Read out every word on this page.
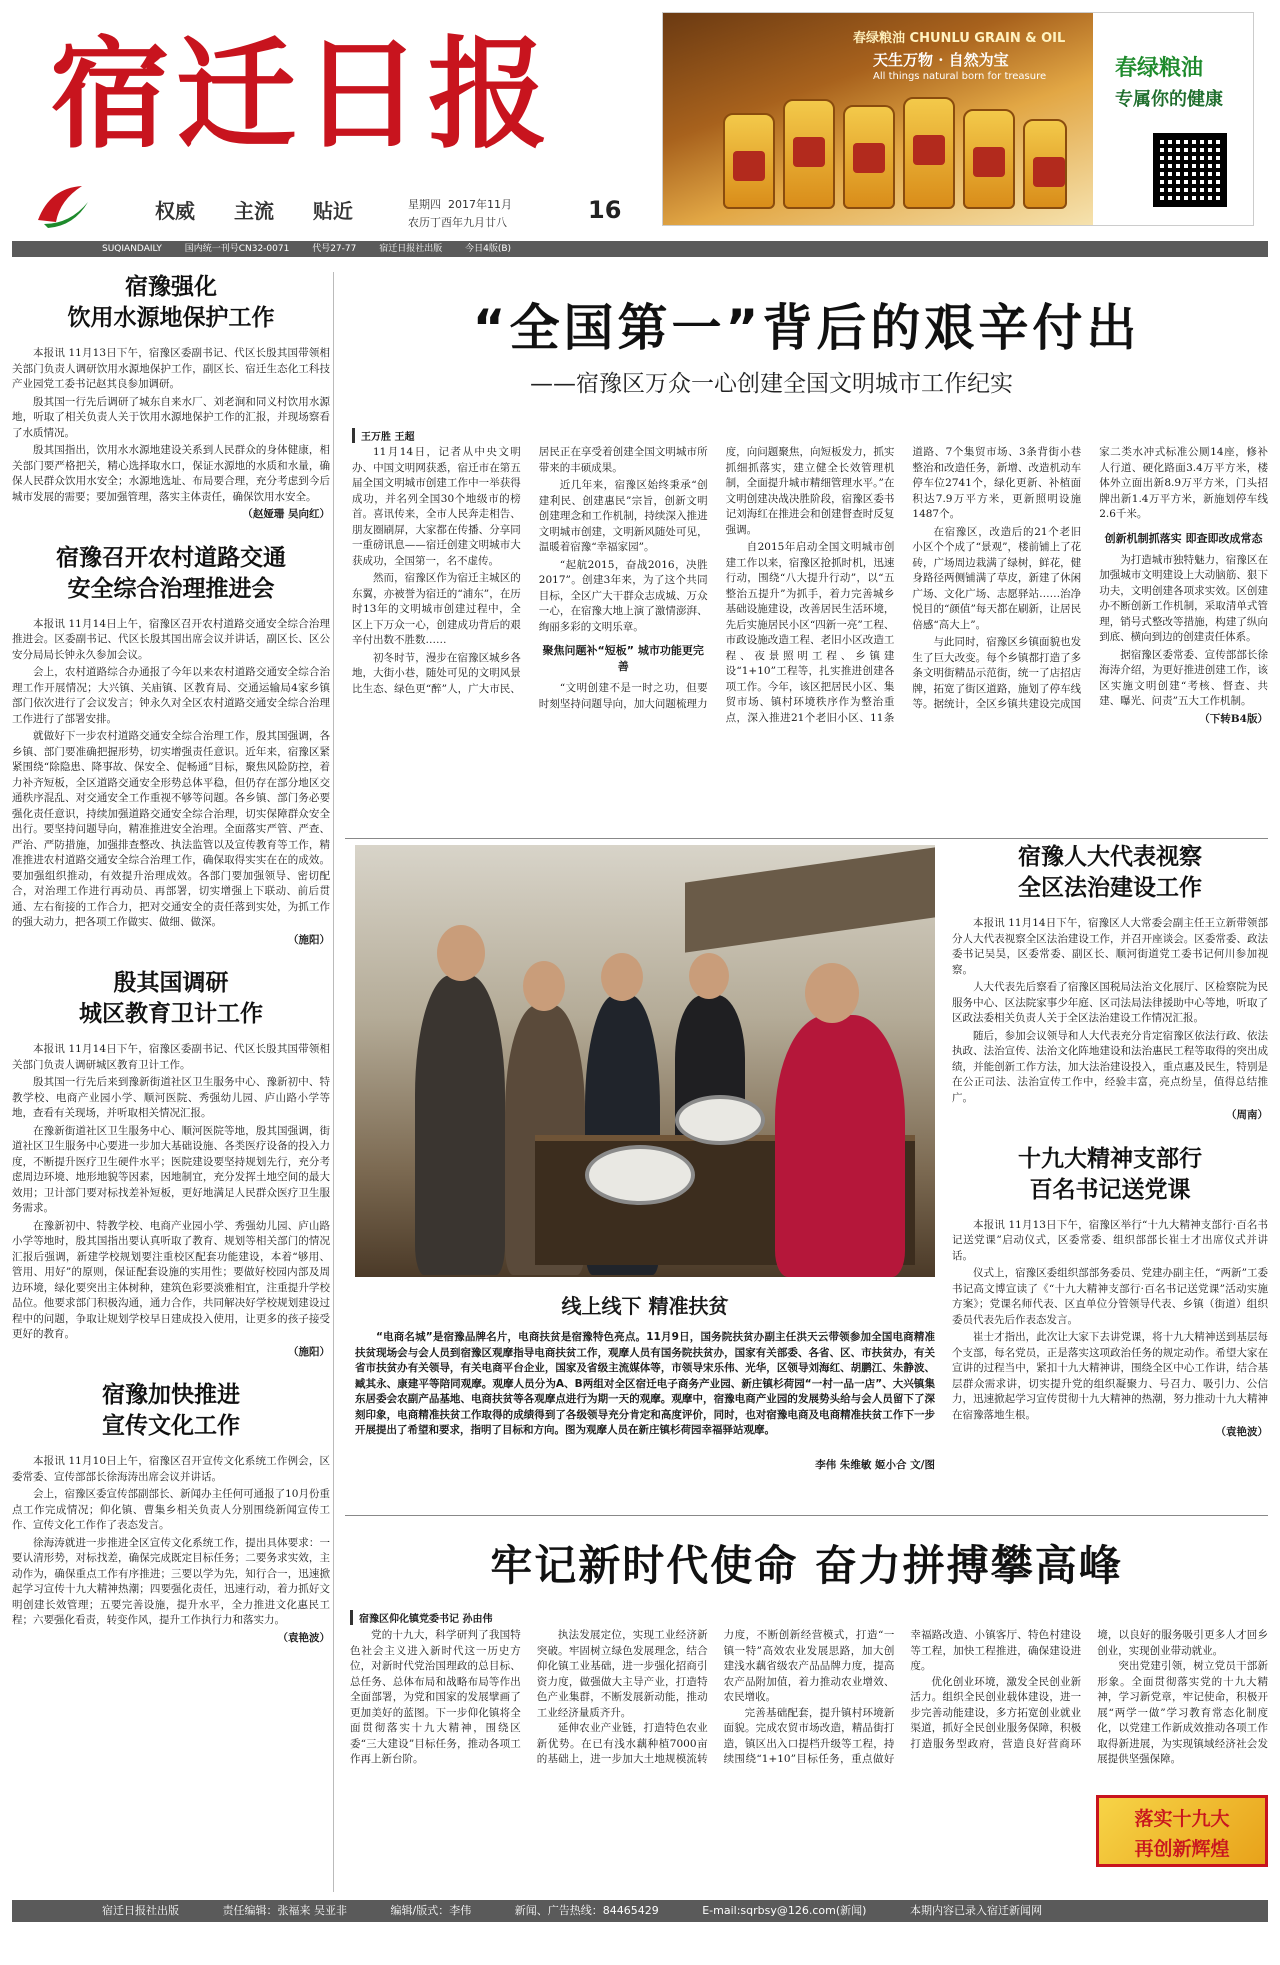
宿迁日报
权威 主流 贴近	星期四 2017年11月
农历丁酉年九月廿八	16
春绿粮油 CHUNLU GRAIN & OIL
天生万物 · 自然为宝
All things natural born for treasure	春绿粮油
专属你的健康
SUQIANDAILY	国内统一刊号CN32-0071	代号27-77	宿迁日报社出版	今日4版(B)
宿豫强化
饮用水源地保护工作

本报讯 11月13日下午，宿豫区委副书记、代区长殷其国带领相关部门负责人调研饮用水源地保护工作，副区长、宿迁生态化工科技产业园党工委书记赵其良参加调研。

殷其国一行先后调研了城东自来水厂、刘老涧和同义村饮用水源地，听取了相关负责人关于饮用水源地保护工作的汇报，并现场察看了水质情况。

殷其国指出，饮用水水源地建设关系到人民群众的身体健康，相关部门要严格把关，精心选择取水口，保证水源地的水质和水量，确保人民群众饮用水安全；水源地选址、布局要合理，充分考虑到今后城市发展的需要；要加强管理，落实主体责任，确保饮用水安全。

（赵娅珊 吴向红）

宿豫召开农村道路交通
安全综合治理推进会

本报讯 11月14日上午，宿豫区召开农村道路交通安全综合治理推进会。区委副书记、代区长殷其国出席会议并讲话，副区长、区公安分局局长钟永久参加会议。

会上，农村道路综合办通报了今年以来农村道路交通安全综合治理工作开展情况；大兴镇、关庙镇、区教育局、交通运输局4家乡镇部门依次进行了会议发言；钟永久对全区农村道路交通安全综合治理工作进行了部署安排。

就做好下一步农村道路交通安全综合治理工作，殷其国强调，各乡镇、部门要准确把握形势，切实增强责任意识。近年来，宿豫区紧紧围绕“除隐患、降事故、保安全、促畅通”目标，聚焦风险防控，着力补齐短板，全区道路交通安全形势总体平稳，但仍存在部分地区交通秩序混乱、对交通安全工作重视不够等问题。各乡镇、部门务必要强化责任意识，持续加强道路交通安全综合治理，切实保障群众安全出行。要坚持问题导向，精准推进安全治理。全面落实严管、严查、严治、严防措施，加强排查整改、执法监管以及宣传教育等工作，精准推进农村道路交通安全综合治理工作，确保取得实实在在的成效。要加强组织推动，有效提升治理成效。各部门要加强领导、密切配合，对治理工作进行再动员、再部署，切实增强上下联动、前后贯通、左右衔接的工作合力，把对交通安全的责任落到实处，为抓工作的强大动力，把各项工作做实、做细、做深。

（施阳）

殷其国调研
城区教育卫计工作

本报讯 11月14日下午，宿豫区委副书记、代区长殷其国带领相关部门负责人调研城区教育卫计工作。

殷其国一行先后来到豫新街道社区卫生服务中心、豫新初中、特教学校、电商产业园小学、顺河医院、秀强幼儿园、庐山路小学等地，查看有关现场，并听取相关情况汇报。

在豫新街道社区卫生服务中心、顺河医院等地，殷其国强调，街道社区卫生服务中心要进一步加大基础设施、各类医疗设备的投入力度，不断提升医疗卫生硬件水平；医院建设要坚持规划先行，充分考虑周边环境、地形地貌等因素，因地制宜，充分发挥土地空间的最大效用；卫计部门要对标找差补短板，更好地满足人民群众医疗卫生服务需求。

在豫新初中、特教学校、电商产业园小学、秀强幼儿园、庐山路小学等地时，殷其国指出要认真听取了教育、规划等相关部门的情况汇报后强调，新建学校规划要注重校区配套功能建设，本着“够用、管用、用好”的原则，保证配套设施的实用性；要做好校园内部及周边环境，绿化要突出主体树种，建筑色彩要淡雅相宜，注重提升学校品位。他要求部门积极沟通，通力合作，共同解决好学校规划建设过程中的问题，争取让规划学校早日建成投入使用，让更多的孩子接受更好的教育。

（施阳）

宿豫加快推进
宣传文化工作

本报讯 11月10日上午，宿豫区召开宣传文化系统工作例会，区委常委、宣传部部长徐海涛出席会议并讲话。

会上，宿豫区委宣传部副部长、新闻办主任何可通报了10月份重点工作完成情况；仰化镇、曹集乡相关负责人分别围绕新闻宣传工作、宣传文化工作作了表态发言。

徐海涛就进一步推进全区宣传文化系统工作，提出具体要求：一要认清形势，对标找差，确保完成既定目标任务；二要务求实效，主动作为，确保重点工作有序推进；三要以学为先，知行合一，迅速掀起学习宣传十九大精神热潮；四要强化责任，迅速行动，着力抓好文明创建长效管理；五要完善设施，提升水平，全力推进文化惠民工程；六要强化看责，转变作风，提升工作执行力和落实力。

（袁艳波）

“全国第一”背后的艰辛付出
——宿豫区万众一心创建全国文明城市工作纪实
王万胜 王超

11月14日，记者从中央文明办、中国文明网获悉，宿迁市在第五届全国文明城市创建工作中一举获得成功，并名列全国30个地级市的榜首。喜讯传来，全市人民奔走相告、朋友圈刷屏，大家都在传播、分享同一重磅讯息——宿迁创建文明城市大获成功，全国第一，名不虚传。

然而，宿豫区作为宿迁主城区的东翼，亦被誉为宿迁的“浦东”，在历时13年的文明城市创建过程中，全区上下万众一心，创建成功背后的艰辛付出数不胜数……

初冬时节，漫步在宿豫区城乡各地，大街小巷，随处可见的文明风景比生态、绿色更“醉”人，广大市民、居民正在享受着创建全国文明城市所带来的丰硕成果。

近几年来，宿豫区始终秉承“创建利民、创建惠民”宗旨，创新文明创建理念和工作机制，持续深入推进文明城市创建，文明新风随处可见，温暖着宿豫“幸福家园”。

“起航2015，奋战2016，决胜2017”。创建3年来，为了这个共同目标，全区广大干群众志成城、万众一心，在宿豫大地上演了激情澎湃、绚丽多彩的文明乐章。

聚焦问题补“短板” 城市功能更完善

“文明创建不是一时之功，但要时刻坚持问题导向，加大问题梳理力度，向问题聚焦，向短板发力，抓实抓细抓落实，建立健全长效管理机制，全面提升城市精细管理水平。”在文明创建决战决胜阶段，宿豫区委书记刘海红在推进会和创建督查时反复强调。

自2015年启动全国文明城市创建工作以来，宿豫区抢抓时机，迅速行动，围绕“八大提升行动”，以“五整治五提升”为抓手，着力完善城乡基础设施建设，改善居民生活环境，先后实施居民小区“四新一亮”工程、市政设施改造工程、老旧小区改造工程、夜景照明工程、乡镇建设“1+10”工程等，扎实推进创建各项工作。今年，该区把居民小区、集贸市场、镇村环境秩序作为整治重点，深入推进21个老旧小区、11条道路、7个集贸市场、3条背街小巷整治和改造任务，新增、改造机动车停车位2741个，绿化更新、补植面积达7.9万平方米，更新照明设施1487个。

在宿豫区，改造后的21个老旧小区个个成了“景观”，楼前铺上了花砖，广场周边栽满了绿树，鲜花，健身路径两侧铺满了草皮，新建了休闲广场、文化广场、志愿驿站……治净悦目的“颜值”每天都在刷新，让居民倍感“高大上”。

与此同时，宿豫区乡镇面貌也发生了巨大改变。每个乡镇都打造了多条文明街精品示范街，统一了店招店牌，拓宽了街区道路，施划了停车线等。据统计，全区乡镇共建设完成国家二类水冲式标准公厕14座，修补人行道、硬化路面3.4万平方米，楼体外立面出新8.9万平方米，门头招牌出新1.4万平方米，新施划停车线2.6千米。

创新机制抓落实 即查即改成常态

为打造城市独特魅力，宿豫区在加强城市文明建设上大动脑筋、狠下功夫，文明创建各项求实效。区创建办不断创新工作机制，采取清单式管理，销号式整改等措施，构建了纵向到底、横向到边的创建责任体系。

据宿豫区委常委、宣传部部长徐海涛介绍，为更好推进创建工作，该区实施文明创建“考核、督查、共建、曝光、问责”五大工作机制。

（下转B4版）

线上线下 精准扶贫
“电商名城”是宿豫品牌名片，电商扶贫是宿豫特色亮点。11月9日，国务院扶贫办副主任洪天云带领参加全国电商精准扶贫现场会与会人员到宿豫区观摩指导电商扶贫工作，观摩人员有国务院扶贫办，国家有关部委、各省、区、市扶贫办，有关省市扶贫办有关领导，有关电商平台企业，国家及省级主流媒体等，市领导宋乐伟、光华，区领导刘海红、胡鹏江、朱静波、臧其永、康建平等陪同观摩。观摩人员分为A、B两组对全区宿迁电子商务产业园、新庄镇杉荷园“一村一品一店”、大兴镇集东居委会农副产品基地、电商扶贫等各观摩点进行为期一天的观摩。观摩中，宿豫电商产业园的发展势头给与会人员留下了深刻印象，电商精准扶贫工作取得的成绩得到了各级领导充分肯定和高度评价，同时，也对宿豫电商及电商精准扶贫工作下一步开展提出了希望和要求，指明了目标和方向。图为观摩人员在新庄镇杉荷园幸福驿站观摩。
李伟 朱维敏 姬小合 文/图
宿豫人大代表视察
全区法治建设工作

本报讯 11月14日下午，宿豫区人大常委会副主任王立新带领部分人大代表视察全区法治建设工作，并召开座谈会。区委常委、政法委书记吴昊，区委常委、副区长、顺河街道党工委书记何川参加视察。

人大代表先后察看了宿豫区国税局法治文化展厅、区检察院为民服务中心、区法院家事少年庭、区司法局法律援助中心等地，听取了区政法委相关负责人关于全区法治建设工作情况汇报。

随后，参加会议领导和人大代表充分肯定宿豫区依法行政、依法执政、法治宣传、法治文化阵地建设和法治惠民工程等取得的突出成绩，并能创新工作方法，加大法治建设投入，重点惠及民生，特别是在公正司法、法治宣传工作中，经验丰富，亮点纷呈，值得总结推广。

（周南）

十九大精神支部行
百名书记送党课

本报讯 11月13日下午，宿豫区举行“十九大精神支部行·百名书记送党课”启动仪式，区委常委、组织部部长崔士才出席仪式并讲话。

仪式上，宿豫区委组织部部务委员、党建办副主任，“两新”工委书记高文博宣读了《“十九大精神支部行·百名书记送党课”活动实施方案》；党课名师代表、区直单位分管领导代表、乡镇（街道）组织委员代表先后作表态发言。

崔士才指出，此次让大家下去讲党课，将十九大精神送到基层每个支部，每名党员，正是落实这项政治任务的规定动作。希望大家在宣讲的过程当中，紧扣十九大精神讲，围绕全区中心工作讲，结合基层群众需求讲，切实提升党的组织凝聚力、号召力、吸引力、公信力，迅速掀起学习宣传贯彻十九大精神的热潮，努力推动十九大精神在宿豫落地生根。

（袁艳波）

牢记新时代使命 奋力拼搏攀高峰
宿豫区仰化镇党委书记 孙由伟

党的十九大，科学研判了我国特色社会主义进入新时代这一历史方位，对新时代党治国理政的总目标、总任务、总体布局和战略布局等作出全面部署，为党和国家的发展擘画了更加美好的蓝图。下一步仰化镇将全面贯彻落实十九大精神，围绕区委“三大建设”目标任务，推动各项工作再上新台阶。

执法发展定位，实现工业经济新突破。牢固树立绿色发展理念，结合仰化镇工业基础，进一步强化招商引资力度，做强做大主导产业，打造特色产业集群，不断发展新动能，推动工业经济量质齐升。

延伸农业产业链，打造特色农业新优势。在已有浅水藕种植7000亩的基础上，进一步加大土地规模流转力度，不断创新经营模式，打造“一镇一特”高效农业发展思路，加大创建浅水藕省级农产品品牌力度，提高农产品附加值，着力推动农业增效、农民增收。

完善基础配套，提升镇村环境新面貌。完成农贸市场改造，精品街打造，镇区出入口提档升级等工程，持续围绕“1+10”目标任务，重点做好幸福路改造、小镇客厅、特色村建设等工程，加快工程推进，确保建设进度。

优化创业环境，激发全民创业新活力。组织全民创业载体建设，进一步完善动能建设，多方拓宽创业就业渠道，抓好全民创业服务保障，积极打造服务型政府，营造良好营商环境，以良好的服务吸引更多人才回乡创业，实现创业带动就业。

突出党建引领，树立党员干部新形象。全面贯彻落实党的十九大精神，学习新党章，牢记使命，积极开展“两学一做”学习教育常态化制度化，以党建工作新成效推动各项工作取得新进展，为实现镇域经济社会发展提供坚强保障。

落实十九大
再创新辉煌
宿迁日报社出版	责任编辑：张福来 吴亚非	编辑/版式：李伟	新闻、广告热线：84465429	E-mail:sqrbsy@126.com(新闻)	本期内容已录入宿迁新闻网
